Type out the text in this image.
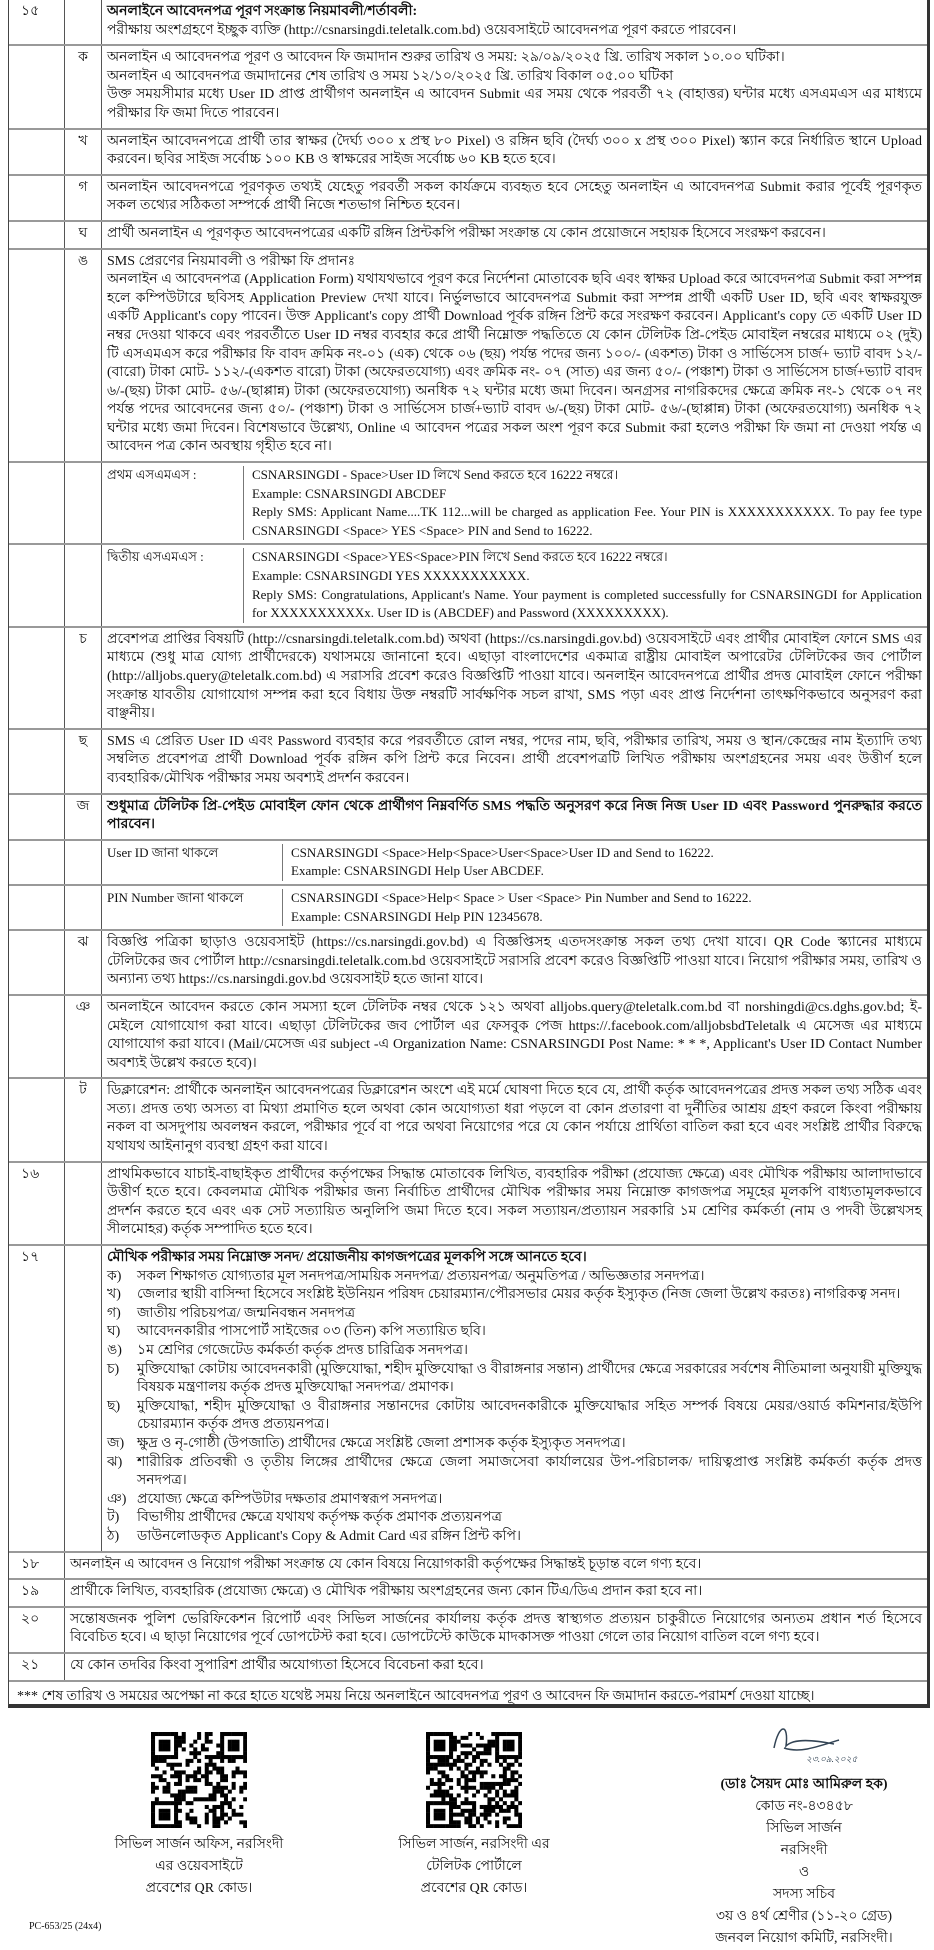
১৫		অনলাইনে আবেদনপত্র পূরণ সংক্রান্ত নিয়মাবলী/শর্তাবলী:

পরীক্ষায় অংশগ্রহণে ইচ্ছুক ব্যক্তি (http://csnarsingdi.teletalk.com.bd) ওয়েবসাইটে আবেদনপত্র পূরণ করতে পারবেন।

	ক	অনলাইন এ আবেদনপত্র পূরণ ও আবেদন ফি জমাদান শুরুর তারিখ ও সময়: ২৯/০৯/২০২৫ খ্রি. তারিখ সকাল ১০.০০ ঘটিকা।

অনলাইন এ আবেদনপত্র জমাদানের শেষ তারিখ ও সময় ১২/১০/২০২৫ খ্রি. তারিখ বিকাল ০৫.০০ ঘটিকা

উক্ত সময়সীমার মধ্যে User ID প্রাপ্ত প্রার্থীগণ অনলাইন এ আবেদন Submit এর সময় থেকে পরবর্তী ৭২ (বাহাত্তর) ঘন্টার মধ্যে এসএমএস এর মাধ্যমে পরীক্ষার ফি জমা দিতে পারবেন।

	খ	অনলাইন আবেদনপত্রে প্রার্থী তার স্বাক্ষর (দৈর্ঘ্য ৩০০ x প্রস্থ ৮০ Pixel) ও রঙ্গিন ছবি (দৈর্ঘ্য ৩০০ x প্রস্থ ৩০০ Pixel) স্ক্যান করে নির্ধারিত স্থানে Upload করবেন। ছবির সাইজ সর্বোচ্চ ১০০ KB ও স্বাক্ষরের সাইজ সর্বোচ্চ ৬০ KB হতে হবে।

	গ	অনলাইন আবেদনপত্রে পূরণকৃত তথ্যই যেহেতু পরবর্তী সকল কার্যক্রমে ব্যবহৃত হবে সেহেতু অনলাইন এ আবেদনপত্র Submit করার পূর্বেই পূরণকৃত সকল তথ্যের সঠিকতা সম্পর্কে প্রার্থী নিজে শতভাগ নিশ্চিত হবেন।

	ঘ	প্রার্থী অনলাইন এ পূরণকৃত আবেদনপত্রের একটি রঙ্গিন প্রিন্টকপি পরীক্ষা সংক্রান্ত যে কোন প্রয়োজনে সহায়ক হিসেবে সংরক্ষণ করবেন।

	ঙ	SMS প্রেরণের নিয়মাবলী ও পরীক্ষা ফি প্রদানঃ

অনলাইন এ আবেদনপত্র (Application Form) যথাযথভাবে পূরণ করে নির্দেশনা মোতাবেক ছবি এবং স্বাক্ষর Upload করে আবেদনপত্র Submit করা সম্পন্ন হলে কম্পিউটারে ছবিসহ Application Preview দেখা যাবে। নির্ভুলভাবে আবেদনপত্র Submit করা সম্পন্ন প্রার্থী একটি User ID, ছবি এবং স্বাক্ষরযুক্ত একটি Applicant's copy পাবেন। উক্ত Applicant's copy প্রার্থী Download পূর্বক রঙ্গিন প্রিন্ট করে সংরক্ষণ করবেন। Applicant's copy তে একটি User ID নম্বর দেওয়া থাকবে এবং পরবর্তীতে User ID নম্বর ব্যবহার করে প্রার্থী নিম্নোক্ত পদ্ধতিতে যে কোন টেলিটক প্রি-পেইড মোবাইল নম্বরের মাধ্যমে ০২ (দুই) টি এসএমএস করে পরীক্ষার ফি বাবদ ক্রমিক নং-০১ (এক) থেকে ০৬ (ছয়) পর্যন্ত পদের জন্য ১০০/- (একশত) টাকা ও সার্ভিসেস চার্জ+ ভ্যাট বাবদ ১২/-(বারো) টাকা মোট- ১১২/-(একশত বারো) টাকা (অফেরতযোগ্য) এবং ক্রমিক নং- ০৭ (সাত) এর জন্য ৫০/- (পঞ্চাশ) টাকা ও সার্ভিসেস চার্জ+ভ্যাট বাবদ ৬/-(ছয়) টাকা মোট- ৫৬/-(ছাপ্পান্ন) টাকা (অফেরতযোগ্য) অনধিক ৭২ ঘন্টার মধ্যে জমা দিবেন। অনগ্রসর নাগরিকদের ক্ষেত্রে ক্রমিক নং-১ থেকে ০৭ নং পর্যন্ত পদের আবেদনের জন্য ৫০/- (পঞ্চাশ) টাকা ও সার্ভিসেস চার্জ+ভ্যাট বাবদ ৬/-(ছয়) টাকা মোট- ৫৬/-(ছাপ্পান্ন) টাকা (অফেরতযোগ্য) অনধিক ৭২ ঘন্টার মধ্যে জমা দিবেন। বিশেষভাবে উল্লেখ্য, Online এ আবেদন পত্রের সকল অংশ পূরণ করে Submit করা হলেও পরীক্ষা ফি জমা না দেওয়া পর্যন্ত এ আবেদন পত্র কোন অবস্থায় গৃহীত হবে না।

প্রথম এসএমএস :	CSNARSINGDI - Space>User ID লিখে Send করতে হবে 16222 নম্বরে।

Example: CSNARSINGDI ABCDEF

Reply SMS: Applicant Name....TK 112...will be charged as application Fee. Your PIN is XXXXXXXXXXX. To pay fee type CSNARSINGDI <Space> YES <Space> PIN and Send to 16222.

দ্বিতীয় এসএমএস :	CSNARSINGDI <Space>YES<Space>PIN লিখে Send করতে হবে 16222 নম্বরে।

Example: CSNARSINGDI YES XXXXXXXXXXX.

Reply SMS: Congratulations, Applicant's Name. Your payment is completed successfully for CSNARSINGDI for Application for XXXXXXXXXXx. User ID is (ABCDEF) and Password (XXXXXXXXX).

	চ	প্রবেশপত্র প্রাপ্তির বিষয়টি (http://csnarsingdi.teletalk.com.bd) অথবা (https://cs.narsingdi.gov.bd) ওয়েবসাইটে এবং প্রার্থীর মোবাইল ফোনে SMS এর মাধ্যমে (শুধু মাত্র যোগ্য প্রার্থীদেরকে) যথাসময়ে জানানো হবে। এছাড়া বাংলাদেশের একমাত্র রাষ্ট্রীয় মোবাইল অপারেটর টেলিটকের জব পোর্টাল (http://alljobs.query@teletalk.com.bd) এ সরাসরি প্রবেশ করেও বিজ্ঞপ্তিটি পাওয়া যাবে। অনলাইন আবেদনপত্রে প্রার্থীর প্রদত্ত মোবাইল ফোনে পরীক্ষা সংক্রান্ত যাবতীয় যোগাযোগ সম্পন্ন করা হবে বিধায় উক্ত নম্বরটি সার্বক্ষণিক সচল রাখা, SMS পড়া এবং প্রাপ্ত নির্দেশনা তাৎক্ষণিকভাবে অনুসরণ করা বাঞ্ছনীয়।

	ছ	SMS এ প্রেরিত User ID এবং Password ব্যবহার করে পরবর্তীতে রোল নম্বর, পদের নাম, ছবি, পরীক্ষার তারিখ, সময় ও স্থান/কেন্দ্রের নাম ইত্যাদি তথ্য সম্বলিত প্রবেশপত্র প্রার্থী Download পূর্বক রঙ্গিন কপি প্রিন্ট করে নিবেন। প্রার্থী প্রবেশপত্রটি লিখিত পরীক্ষায় অংশগ্রহনের সময় এবং উত্তীর্ণ হলে ব্যবহারিক/মৌখিক পরীক্ষার সময় অবশ্যই প্রদর্শন করবেন।

	জ	শুধুমাত্র টেলিটক প্রি-পেইড মোবাইল ফোন থেকে প্রার্থীগণ নিম্নবর্ণিত SMS পদ্ধতি অনুসরণ করে নিজ নিজ User ID এবং Password পুনরুদ্ধার করতে পারবেন।

User ID জানা থাকলে	CSNARSINGDI <Space>Help<Space>User<Space>User ID and Send to 16222.

Example: CSNARSINGDI Help User ABCDEF.

PIN Number জানা থাকলে	CSNARSINGDI <Space>Help< Space > User <Space> Pin Number and Send to 16222.

Example: CSNARSINGDI Help PIN 12345678.

	ঝ	বিজ্ঞপ্তি পত্রিকা ছাড়াও ওয়েবসাইট (https://cs.narsingdi.gov.bd) এ বিজ্ঞপ্তিসহ এতদসংক্রান্ত সকল তথ্য দেখা যাবে। QR Code স্ক্যানের মাধ্যমে টেলিটকের জব পোর্টাল http://csnarsingdi.teletalk.com.bd ওয়েবসাইটে সরাসরি প্রবেশ করেও বিজ্ঞপ্তিটি পাওয়া যাবে। নিয়োগ পরীক্ষার সময়, তারিখ ও অন্যান্য তথ্য https://cs.narsingdi.gov.bd ওয়েবসাইট হতে জানা যাবে।

	ঞ	অনলাইনে আবেদন করতে কোন সমস্যা হলে টেলিটক নম্বর থেকে ১২১ অথবা alljobs.query@teletalk.com.bd বা norshingdi@cs.dghs.gov.bd; ই-মেইলে যোগাযোগ করা যাবে। এছাড়া টেলিটকের জব পোর্টাল এর ফেসবুক পেজ https://.facebook.com/alljobsbdTeletalk এ মেসেজ এর মাধ্যমে যোগাযোগ করা যাবে। (Mail/মেসেজ এর subject -এ Organization Name: CSNARSINGDI Post Name: * * *, Applicant's User ID Contact Number অবশ্যই উল্লেখ করতে হবে)।

	ট	ডিক্লারেশন: প্রার্থীকে অনলাইন আবেদনপত্রের ডিক্লারেশন অংশে এই মর্মে ঘোষণা দিতে হবে যে, প্রার্থী কর্তৃক আবেদনপত্রের প্রদত্ত সকল তথ্য সঠিক এবং সত্য। প্রদত্ত তথ্য অসত্য বা মিথ্যা প্রমাণিত হলে অথবা কোন অযোগ্যতা ধরা পড়লে বা কোন প্রতারণা বা দুর্নীতির আশ্রয় গ্রহণ করলে কিংবা পরীক্ষায় নকল বা অসদুপায় অবলম্বন করলে, পরীক্ষার পূর্বে বা পরে অথবা নিয়োগের পরে যে কোন পর্যায়ে প্রার্থিতা বাতিল করা হবে এবং সংশ্লিষ্ট প্রার্থীর বিরুদ্ধে যথাযথ আইনানুগ ব্যবস্থা গ্রহণ করা যাবে।

১৬		প্রাথমিকভাবে যাচাই-বাছাইকৃত প্রার্থীদের কর্তৃপক্ষের সিদ্ধান্ত মোতাবেক লিখিত, ব্যবহারিক পরীক্ষা (প্রযোজ্য ক্ষেত্রে) এবং মৌখিক পরীক্ষায় আলাদাভাবে উত্তীর্ণ হতে হবে। কেবলমাত্র মৌখিক পরীক্ষার জন্য নির্বাচিত প্রার্থীদের মৌখিক পরীক্ষার সময় নিম্নোক্ত কাগজপত্র সমূহের মূলকপি বাধ্যতামূলকভাবে প্রদর্শন করতে হবে এবং এক সেট সত্যায়িত অনুলিপি জমা দিতে হবে। সকল সত্যায়ন/প্রত্যায়ন সরকারি ১ম শ্রেণির কর্মকর্তা (নাম ও পদবী উল্লেখসহ সীলমোহর) কর্তৃক সম্পাদিত হতে হবে।

১৭		মৌখিক পরীক্ষার সময় নিম্নোক্ত সনদ/ প্রয়োজনীয় কাগজপত্রের মূলকপি সঙ্গে আনতে হবে।

ক)	সকল শিক্ষাগত যোগ্যতার মূল সনদপত্র/সাময়িক সনদপত্র/ প্রত্যয়নপত্র/ অনুমতিপত্র / অভিজ্ঞতার সনদপত্র।
খ)	জেলার স্থায়ী বাসিন্দা হিসেবে সংশ্লিষ্ট ইউনিয়ন পরিষদ চেয়ারম্যান/পৌরসভার মেয়র কর্তৃক ইস্যুকৃত (নিজ জেলা উল্লেখ করতঃ) নাগরিকত্ব সনদ।
গ)	জাতীয় পরিচয়পত্র/ জন্মনিবন্ধন সনদপত্র
ঘ)	আবেদনকারীর পাসপোর্ট সাইজের ০৩ (তিন) কপি সত্যায়িত ছবি।
ঙ)	১ম শ্রেণির গেজেটেড কর্মকর্তা কর্তৃক প্রদত্ত চারিত্রিক সনদপত্র।
চ)	মুক্তিযোদ্ধা কোটায় আবেদনকারী (মুক্তিযোদ্ধা, শহীদ মুক্তিযোদ্ধা ও বীরাঙ্গনার সন্তান) প্রার্থীদের ক্ষেত্রে সরকারের সর্বশেষ নীতিমালা অনুযায়ী মুক্তিযুদ্ধ বিষয়ক মন্ত্রণালয় কর্তৃক প্রদত্ত মুক্তিযোদ্ধা সনদপত্র/ প্রমাণক।
ছ)	মুক্তিযোদ্ধা, শহীদ মুক্তিযোদ্ধা ও বীরাঙ্গনার সন্তানদের কোটায় আবেদনকারীকে মুক্তিযোদ্ধার সহিত সম্পর্ক বিষয়ে মেয়র/ওয়ার্ড কমিশনার/ইউপি চেয়ারম্যান কর্তৃক প্রদত্ত প্রত্যয়নপত্র।
জ) ক্ষুদ্র ও নৃ-গোষ্ঠী (উপজাতি) প্রার্থীদের ক্ষেত্রে সংশ্লিষ্ট জেলা প্রশাসক কর্তৃক ইস্যুকৃত সনদপত্র।
ঝ)	শারীরিক প্রতিবন্ধী ও তৃতীয় লিঙ্গের প্রার্থীদের ক্ষেত্রে জেলা সমাজসেবা কার্যালয়ের উপ-পরিচালক/ দায়িত্বপ্রাপ্ত সংশ্লিষ্ট কর্মকর্তা কর্তৃক প্রদত্ত সনদপত্র।
ঞ) প্রযোজ্য ক্ষেত্রে কম্পিউটার দক্ষতার প্রমাণস্বরূপ সনদপত্র।
ট)	বিভাগীয় প্রার্থীদের ক্ষেত্রে যথাযথ কর্তৃপক্ষ কর্তৃক প্রমাণক প্রত্যয়নপত্র
ঠ)	ডাউনলোডকৃত Applicant's Copy & Admit Card এর রঙ্গিন প্রিন্ট কপি।

১৮	অনলাইন এ আবেদন ও নিয়োগ পরীক্ষা সংক্রান্ত যে কোন বিষয়ে নিয়োগকারী কর্তৃপক্ষের সিদ্ধান্তই চূড়ান্ত বলে গণ্য হবে।
১৯	প্রার্থীকে লিখিত, ব্যবহারিক (প্রযোজ্য ক্ষেত্রে) ও মৌখিক পরীক্ষায় অংশগ্রহনের জন্য কোন টিএ/ডিএ প্রদান করা হবে না।
২০	সন্তোষজনক পুলিশ ভেরিফিকেশন রিপোর্ট এবং সিভিল সার্জনের কার্যালয় কর্তৃক প্রদত্ত স্বাস্থ্যগত প্রত্যয়ন চাকুরীতে নিয়োগের অন্যতম প্রধান শর্ত হিসেবে বিবেচিত হবে। এ ছাড়া নিয়োগের পূর্বে ডোপটেস্ট করা হবে। ডোপটেস্টে কাউকে মাদকাসক্ত পাওয়া গেলে তার নিয়োগ বাতিল বলে গণ্য হবে।
২১	যে কোন তদবির কিংবা সুপারিশ প্রার্থীর অযোগ্যতা হিসেবে বিবেচনা করা হবে।
*** শেষ তারিখ ও সময়ের অপেক্ষা না করে হাতে যথেষ্ট সময় নিয়ে অনলাইনে আবেদনপত্র পূরণ ও আবেদন ফি জমাদান করতে-পরামর্শ দেওয়া যাচ্ছে।
সিভিল সার্জন অফিস, নরসিংদী
এর ওয়েবসাইটে
প্রবেশের QR কোড।
সিভিল সার্জন, নরসিংদী এর
টেলিটক পোর্টালে
প্রবেশের QR কোড।
২৩.০৯.২০২৫
(ডাঃ সৈয়দ মোঃ আমিরুল হক)
কোড নং-৪৩৪৫৮
সিভিল সার্জন
নরসিংদী
ও
সদস্য সচিব
৩য় ও ৪র্থ শ্রেণীর (১১-২০ গ্রেড)
জনবল নিয়োগ কমিটি, নরসিংদী।
PC-653/25 (24x4)
